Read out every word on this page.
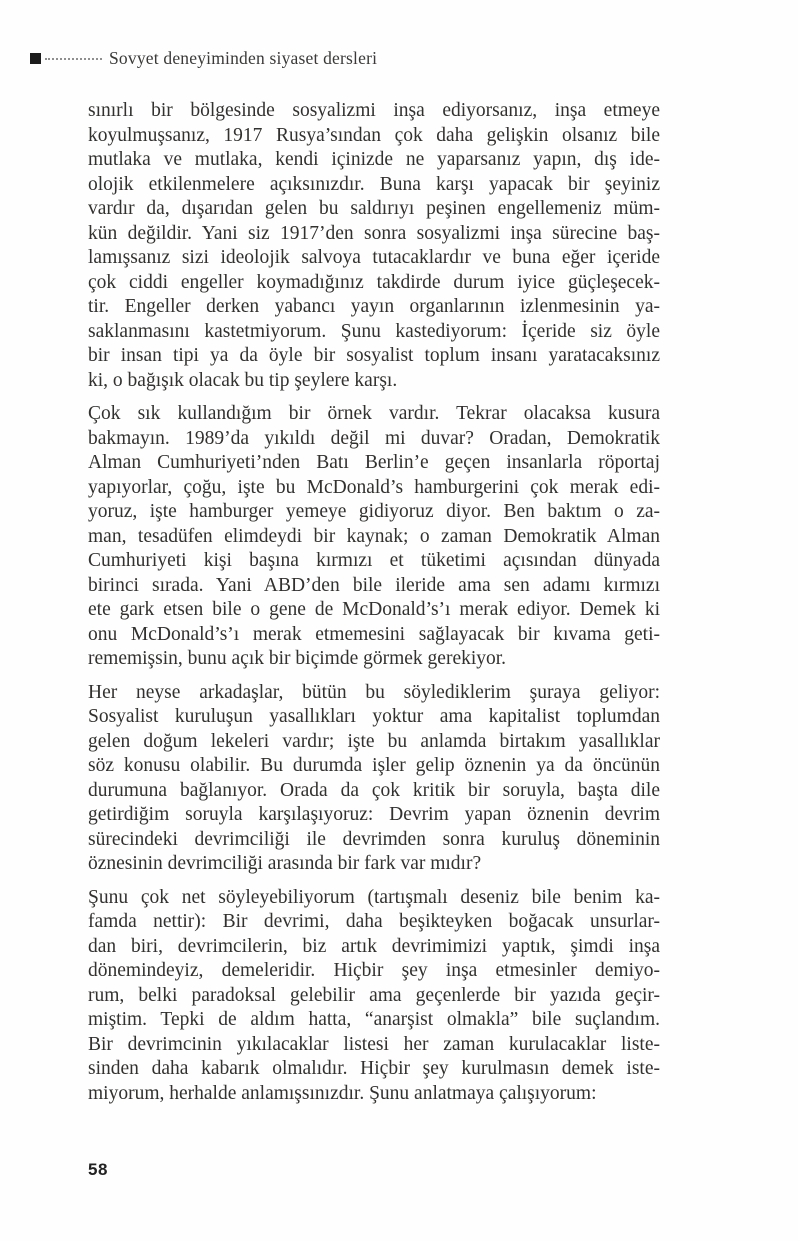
Sovyet deneyiminden siyaset dersleri
sınırlı bir bölgesinde sosyalizmi inşa ediyorsanız, inşa etmeye
koyulmuşsanız, 1917 Rusya’sından çok daha gelişkin olsanız bile
mutlaka ve mutlaka, kendi içinizde ne yaparsanız yapın, dış ide-
olojik etkilenmelere açıksınızdır. Buna karşı yapacak bir şeyiniz
vardır da, dışarıdan gelen bu saldırıyı peşinen engellemeniz müm-
kün değildir. Yani siz 1917’den sonra sosyalizmi inşa sürecine baş-
lamışsanız sizi ideolojik salvoya tutacaklardır ve buna eğer içeride
çok ciddi engeller koymadığınız takdirde durum iyice güçleşecek-
tir. Engeller derken yabancı yayın organlarının izlenmesinin ya-
saklanmasını kastetmiyorum. Şunu kastediyorum: İçeride siz öyle
bir insan tipi ya da öyle bir sosyalist toplum insanı yaratacaksınız
ki, o bağışık olacak bu tip şeylere karşı.
Çok sık kullandığım bir örnek vardır. Tekrar olacaksa kusura
bakmayın. 1989’da yıkıldı değil mi duvar? Oradan, Demokratik
Alman Cumhuriyeti’nden Batı Berlin’e geçen insanlarla röportaj
yapıyorlar, çoğu, işte bu McDonald’s hamburgerini çok merak edi-
yoruz, işte hamburger yemeye gidiyoruz diyor. Ben baktım o za-
man, tesadüfen elimdeydi bir kaynak; o zaman Demokratik Alman
Cumhuriyeti kişi başına kırmızı et tüketimi açısından dünyada
birinci sırada. Yani ABD’den bile ileride ama sen adamı kırmızı
ete gark etsen bile o gene de McDonald’s’ı merak ediyor. Demek ki
onu McDonald’s’ı merak etmemesini sağlayacak bir kıvama geti-
rememişsin, bunu açık bir biçimde görmek gerekiyor.
Her neyse arkadaşlar, bütün bu söylediklerim şuraya geliyor:
Sosyalist kuruluşun yasallıkları yoktur ama kapitalist toplumdan
gelen doğum lekeleri vardır; işte bu anlamda birtakım yasallıklar
söz konusu olabilir. Bu durumda işler gelip öznenin ya da öncünün
durumuna bağlanıyor. Orada da çok kritik bir soruyla, başta dile
getirdiğim soruyla karşılaşıyoruz: Devrim yapan öznenin devrim
sürecindeki devrimciliği ile devrimden sonra kuruluş döneminin
öznesinin devrimciliği arasında bir fark var mıdır?
Şunu çok net söyleyebiliyorum (tartışmalı deseniz bile benim ka-
famda nettir): Bir devrimi, daha beşikteyken boğacak unsurlar-
dan biri, devrimcilerin, biz artık devrimimizi yaptık, şimdi inşa
dönemindeyiz, demeleridir. Hiçbir şey inşa etmesinler demiyo-
rum, belki paradoksal gelebilir ama geçenlerde bir yazıda geçir-
miştim. Tepki de aldım hatta, “anarşist olmakla” bile suçlandım.
Bir devrimcinin yıkılacaklar listesi her zaman kurulacaklar liste-
sinden daha kabarık olmalıdır. Hiçbir şey kurulmasın demek iste-
miyorum, herhalde anlamışsınızdır. Şunu anlatmaya çalışıyorum:
58
